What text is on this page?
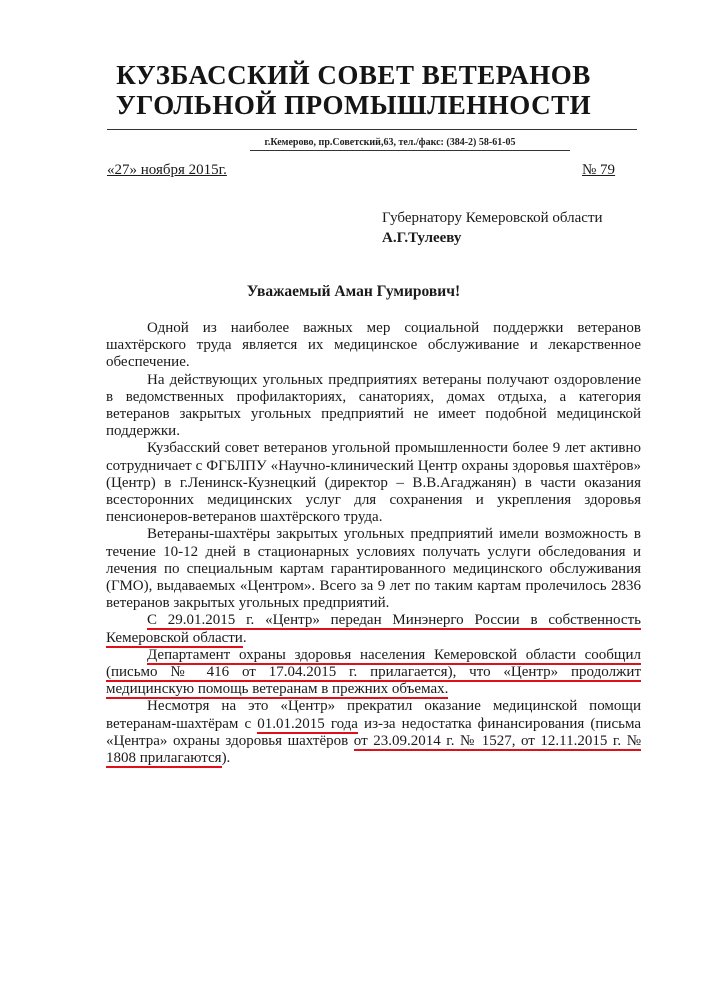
КУЗБАССКИЙ СОВЕТ ВЕТЕРАНОВ
УГОЛЬНОЙ ПРОМЫШЛЕННОСТИ
г.Кемерово, пр.Советский,63, тел./факс: (384-2) 58-61-05
«27» ноября 2015г.	№ 79
Губернатору Кемеровской области
А.Г.Тулееву
Уважаемый Аман Гумирович!

Одной из наиболее важных мер социальной поддержки ветеранов шахтёрского труда является их медицинское обслуживание и лекарственное обеспечение.

На действующих угольных предприятиях ветераны получают оздоровление в ведомственных профилакториях, санаториях, домах отдыха, а категория ветеранов закрытых угольных предприятий не имеет подобной медицинской поддержки.

Кузбасский совет ветеранов угольной промышленности более 9 лет активно сотрудничает с ФГБЛПУ «Научно-клинический Центр охраны здоровья шахтёров» (Центр) в г.Ленинск-Кузнецкий (директор – В.В.Агаджанян) в части оказания всесторонних медицинских услуг для сохранения и укрепления здоровья пенсионеров-ветеранов шахтёрского труда.

Ветераны-шахтёры закрытых угольных предприятий имели возможность в течение 10-12 дней в стационарных условиях получать услуги обследования и лечения по специальным картам гарантированного медицинского обслуживания (ГМО), выдаваемых «Центром». Всего за 9 лет по таким картам пролечилось 2836 ветеранов закрытых угольных предприятий.

С 29.01.2015 г. «Центр» передан Минэнерго России в собственность Кемеровской области.

Департамент охраны здоровья населения Кемеровской области сообщил (письмо № 416 от 17.04.2015 г. прилагается), что «Центр» продолжит медицинскую помощь ветеранам в прежних объемах.

Несмотря на это «Центр» прекратил оказание медицинской помощи ветеранам-шахтёрам с 01.01.2015 года из-за недостатка финансирования (письма «Центра» охраны здоровья шахтёров от 23.09.2014 г. № 1527, от 12.11.2015 г. № 1808 прилагаются).
